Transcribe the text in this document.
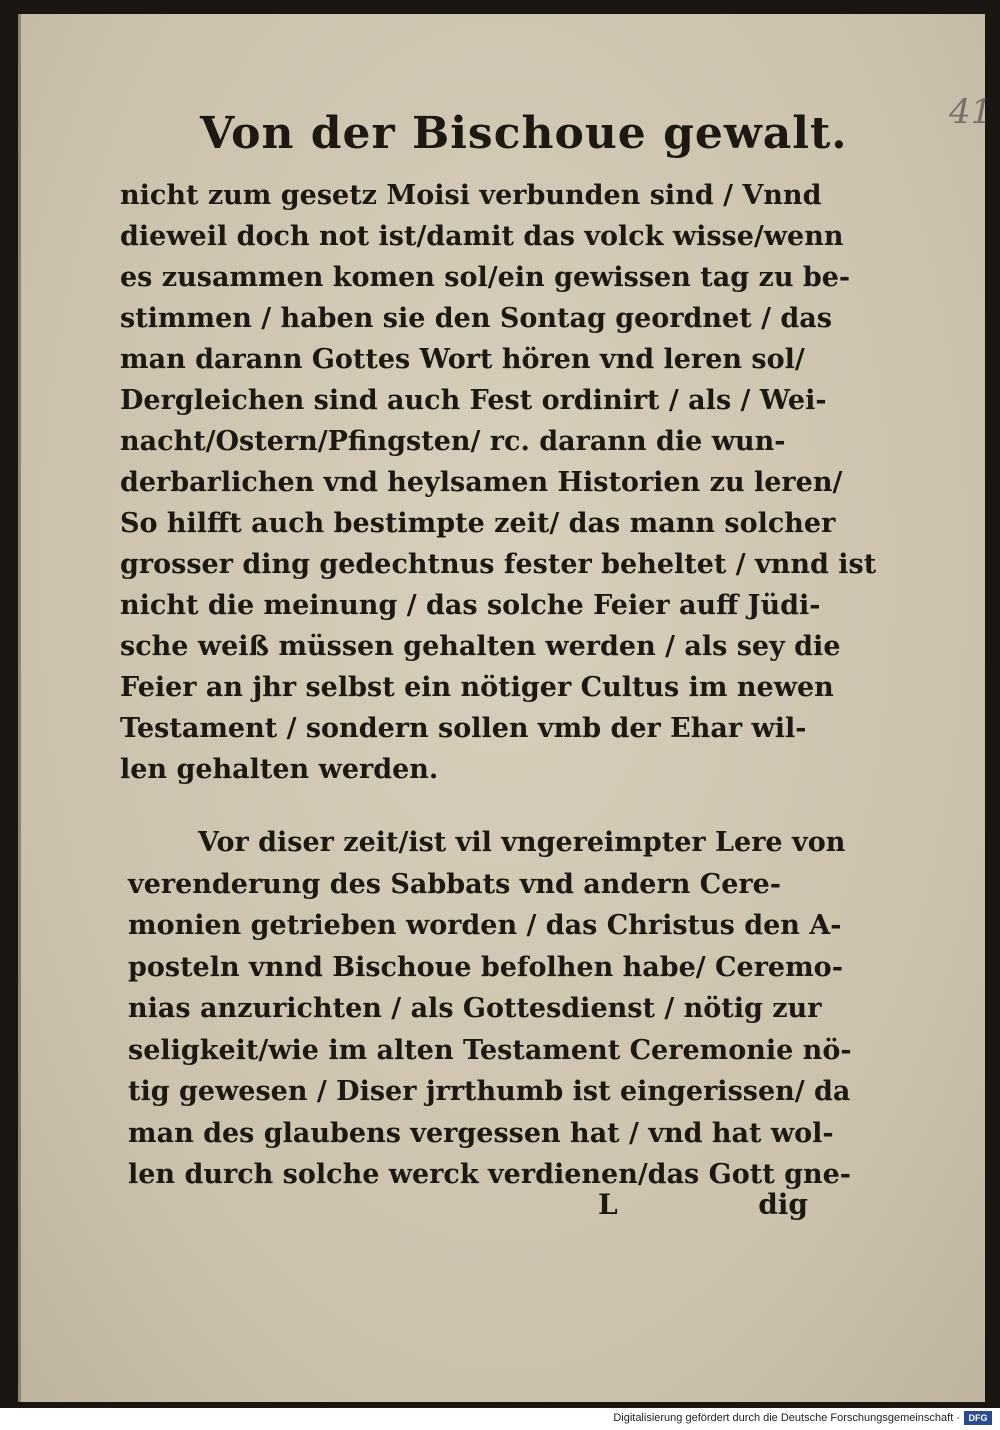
41
Von der Bischoue gewalt.
nicht zum gesetz Moisi verbunden sind / Vnnd
dieweil doch not ist/damit das volck wisse/wenn
es zusammen komen sol/ein gewissen tag zu be-
stimmen / haben sie den Sontag geordnet / das
man darann Gottes Wort hören vnd leren sol/
Dergleichen sind auch Fest ordinirt / als / Wei-
nacht/Ostern/Pfingsten/ rc. darann die wun-
derbarlichen vnd heylsamen Historien zu leren/
So hilfft auch bestimpte zeit/ das mann solcher
grosser ding gedechtnus fester beheltet / vnnd ist
nicht die meinung / das solche Feier auff Jüdi-
sche weiß müssen gehalten werden / als sey die
Feier an jhr selbst ein nötiger Cultus im newen
Testament / sondern sollen vmb der Ehar wil-
len gehalten werden.
Vor diser zeit/ist vil vngereimpter Lere von
verenderung des Sabbats vnd andern Cere-
monien getrieben worden / das Christus den A-
posteln vnnd Bischoue befolhen habe/ Ceremo-
nias anzurichten / als Gottesdienst / nötig zur
seligkeit/wie im alten Testament Ceremonie nö-
tig gewesen / Diser jrrthumb ist eingerissen/ da
man des glaubens vergessen hat / vnd hat wol-
len durch solche werck verdienen/das Gott gne-
L	dig
Digitalisierung gefördert durch die Deutsche Forschungsgemeinschaft · DFG
